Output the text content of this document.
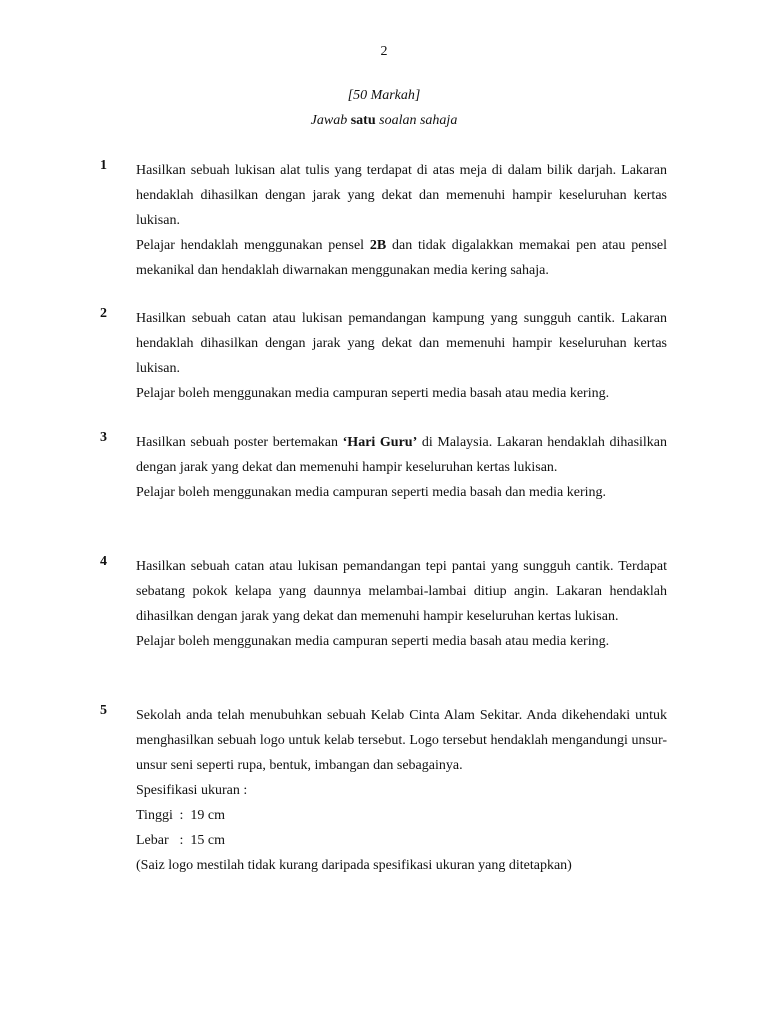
2
[50 Markah]
Jawab satu soalan sahaja
1	Hasilkan sebuah lukisan alat tulis yang terdapat di atas meja di dalam bilik darjah. Lakaran hendaklah dihasilkan dengan jarak yang dekat dan memenuhi hampir keseluruhan kertas lukisan.

Pelajar hendaklah menggunakan pensel 2B dan tidak digalakkan memakai pen atau pensel mekanikal dan hendaklah diwarnakan menggunakan media kering sahaja.

2	Hasilkan sebuah catan atau lukisan pemandangan kampung yang sungguh cantik. Lakaran hendaklah dihasilkan dengan jarak yang dekat dan memenuhi hampir keseluruhan kertas lukisan.

Pelajar boleh menggunakan media campuran seperti media basah atau media kering.

3	Hasilkan sebuah poster bertemakan ‘Hari Guru’ di Malaysia. Lakaran hendaklah dihasilkan dengan jarak yang dekat dan memenuhi hampir keseluruhan kertas lukisan.

Pelajar boleh menggunakan media campuran seperti media basah dan media kering.

4	Hasilkan sebuah catan atau lukisan pemandangan tepi pantai yang sungguh cantik. Terdapat sebatang pokok kelapa yang daunnya melambai-lambai ditiup angin. Lakaran hendaklah dihasilkan dengan jarak yang dekat dan memenuhi hampir keseluruhan kertas lukisan.

Pelajar boleh menggunakan media campuran seperti media basah atau media kering.

5	Sekolah anda telah menubuhkan sebuah Kelab Cinta Alam Sekitar. Anda dikehendaki untuk menghasilkan sebuah logo untuk kelab tersebut. Logo tersebut hendaklah mengandungi unsur-unsur seni seperti rupa, bentuk, imbangan dan sebagainya.

Spesifikasi ukuran :

Tinggi :  19 cm
Lebar :  15 cm

(Saiz logo mestilah tidak kurang daripada spesifikasi ukuran yang ditetapkan)
